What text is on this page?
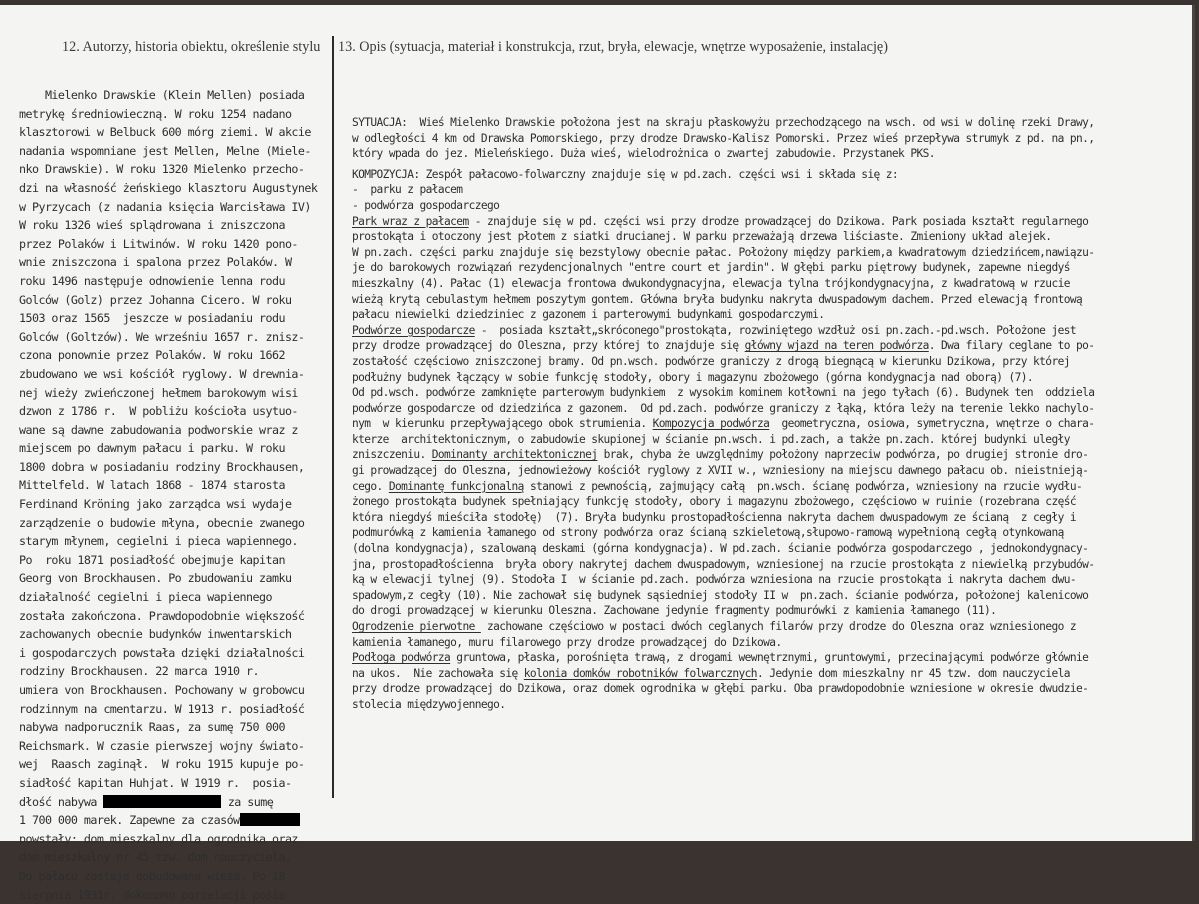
12. Autorzy, historia obiektu, określenie stylu 13. Opis (sytuacja, materiał i konstrukcja, rzut, bryła, elewacje, wnętrze wyposażenie, instalację)
Mielenko Drawskie (Klein Mellen) posiada
metrykę średniowieczną. W roku 1254 nadano
klasztorowi w Belbuck 600 mórg ziemi. W akcie
nadania wspomniane jest Mellen, Melne (Miele-
nko Drawskie). W roku 1320 Mielenko przecho-
dzi na własność żeńskiego klasztoru Augustynek
w Pyrzycach (z nadania księcia Warcisława IV)
W roku 1326 wieś splądrowana i zniszczona
przez Polaków i Litwinów. W roku 1420 pono-
wnie zniszczona i spalona przez Polaków. W
roku 1496 następuje odnowienie lenna rodu
Golców (Golz) przez Johanna Cicero. W roku
1503 oraz 1565  jeszcze w posiadaniu rodu
Golców (Goltzów). We wrześniu 1657 r. znisz-
czona ponownie przez Polaków. W roku 1662
zbudowano we wsi kościół ryglowy. W drewnia-
nej wieży zwieńczonej hełmem barokowym wisi
dzwon z 1786 r.  W pobliżu kościoła usytuo-
wane są dawne zabudowania podworskie wraz z
miejscem po dawnym pałacu i parku. W roku
1800 dobra w posiadaniu rodziny Brockhausen,
Mittelfeld. W latach 1868 - 1874 starosta
Ferdinand Kröning jako zarządca wsi wydaje
zarządzenie o budowie młyna, obecnie zwanego
starym młynem, cegielni i pieca wapiennego.
Po  roku 1871 posiadłość obejmuje kapitan
Georg von Brockhausen. Po zbudowaniu zamku
działalność cegielni i pieca wapiennego
została zakończona. Prawdopodobnie większość
zachowanych obecnie budynków inwentarskich
i gospodarczych powstała dzięki działalności
rodziny Brockhausen. 22 marca 1910 r.
umiera von Brockhausen. Pochowany w grobowcu
rodzinnym na cmentarzu. W 1913 r. posiadłość
nabywa nadporucznik Raas, za sumę 750 000
Reichsmark. W czasie pierwszej wojny świato-
wej  Raasch zaginął.  W roku 1915 kupuje po-
siadłość kapitan Huhjat. W 1919 r.  posia-
dłość nabywa	za sumę
1 700 000 marek. Zapewne za czasów
powstały: dom mieszkalny dla ogrodnika oraz
dom mieszkalny nr 45 tzw. dom nauczyciela.
Do pałacu zostaje dobudowana wieża. Po 18
sierpnia 1931r. dokonano parcelacji posia-
SYTUACJA:  Wieś Mielenko Drawskie położona jest na skraju płaskowyżu przechodzącego na wsch. od wsi w dolinę rzeki Drawy,
w odległości 4 km od Drawska Pomorskiego, przy drodze Drawsko-Kalisz Pomorski. Przez wieś przepływa strumyk z pd. na pn.,
który wpada do jez. Mieleńskiego. Duża wieś, wielodrożnica o zwartej zabudowie. Przystanek PKS.
KOMPOZYCJA: Zespół pałacowo-folwarczny znajduje się w pd.zach. części wsi i składa się z:
-  parku z pałacem
- podwórza gospodarczego
Park wraz z pałacem - znajduje się w pd. części wsi przy drodze prowadzącej do Dzikowa. Park posiada kształt regularnego
prostokąta i otoczony jest płotem z siatki drucianej. W parku przeważają drzewa liściaste. Zmieniony układ alejek.
W pn.zach. części parku znajduje się bezstylowy obecnie pałac. Położony między parkiem,a kwadratowym dziedzińcem,nawiązu-
je do barokowych rozwiązań rezydencjonalnych "entre court et jardin". W głębi parku piętrowy budynek, zapewne niegdyś
mieszkalny (4). Pałac (1) elewacja frontowa dwukondygnacyjna, elewacja tylna trójkondygnacyjna, z kwadratową w rzucie
wieżą krytą cebulastym hełmem poszytym gontem. Główna bryła budynku nakryta dwuspadowym dachem. Przed elewacją frontową
pałacu niewielki dziedziniec z gazonem i parterowymi budynkami gospodarczymi.
Podwórze gospodarcze -  posiada kształt„skróconego"prostokąta, rozwiniętego wzdłuż osi pn.zach.-pd.wsch. Położone jest
przy drodze prowadzącej do Oleszna, przy której to znajduje się główny wjazd na teren podwórza. Dwa filary ceglane to po-
zostałość częściowo zniszczonej bramy. Od pn.wsch. podwórze graniczy z drogą biegnącą w kierunku Dzikowa, przy której
podłużny budynek łączący w sobie funkcję stodoły, obory i magazynu zbożowego (górna kondygnacja nad oborą) (7).
Od pd.wsch. podwórze zamknięte parterowym budynkiem  z wysokim kominem kotłowni na jego tyłach (6). Budynek ten  oddziela
podwórze gospodarcze od dziedzińca z gazonem.  Od pd.zach. podwórze graniczy z łąką, która leży na terenie lekko nachylo-
nym  w kierunku przepływającego obok strumienia. Kompozycja podwórza  geometryczna, osiowa, symetryczna, wnętrze o chara-
kterze  architektonicznym, o zabudowie skupionej w ścianie pn.wsch. i pd.zach, a także pn.zach. której budynki uległy
zniszczeniu. Dominanty architektonicznej brak, chyba że uwzględnimy położony naprzeciw podwórza, po drugiej stronie dro-
gi prowadzącej do Oleszna, jednowieżowy kościół ryglowy z XVII w., wzniesiony na miejscu dawnego pałacu ob. nieistnieją-
cego. Dominantę funkcjonalną stanowi z pewnością, zajmujący całą  pn.wsch. ścianę podwórza, wzniesiony na rzucie wydłu-
żonego prostokąta budynek spełniający funkcję stodoły, obory i magazynu zbożowego, częściowo w ruinie (rozebrana część
która niegdyś mieściła stodołę)  (7). Bryła budynku prostopadłościenna nakryta dachem dwuspadowym ze ścianą  z cegły i
podmurówką z kamienia łamanego od strony podwórza oraz ścianą szkieletową,słupowo-ramową wypełnioną cegłą otynkowaną
(dolna kondygnacja), szalowaną deskami (górna kondygnacja). W pd.zach. ścianie podwórza gospodarczego , jednokondygnacy-
jna, prostopadłościenna  bryła obory nakrytej dachem dwuspadowym, wzniesionej na rzucie prostokąta z niewielką przybudów-
ką w elewacji tylnej (9). Stodoła I  w ścianie pd.zach. podwórza wzniesiona na rzucie prostokąta i nakryta dachem dwu-
spadowym,z cegły (10). Nie zachował się budynek sąsiedniej stodoły II w  pn.zach. ścianie podwórza, położonej kalenicowo
do drogi prowadzącej w kierunku Oleszna. Zachowane jedynie fragmenty podmurówki z kamienia łamanego (11).
Ogrodzenie pierwotne  zachowane częściowo w postaci dwóch ceglanych filarów przy drodze do Oleszna oraz wzniesionego z
kamienia łamanego, muru filarowego przy drodze prowadzącej do Dzikowa.
Podłoga podwórza gruntowa, płaska, porośnięta trawą, z drogami wewnętrznymi, gruntowymi, przecinającymi podwórze głównie
na ukos.  Nie zachowała się kolonia domków robotników folwarcznych. Jedynie dom mieszkalny nr 45 tzw. dom nauczyciela
przy drodze prowadzącej do Dzikowa, oraz domek ogrodnika w głębi parku. Oba prawdopodobnie wzniesione w okresie dwudzie-
stolecia międzywojennego.
